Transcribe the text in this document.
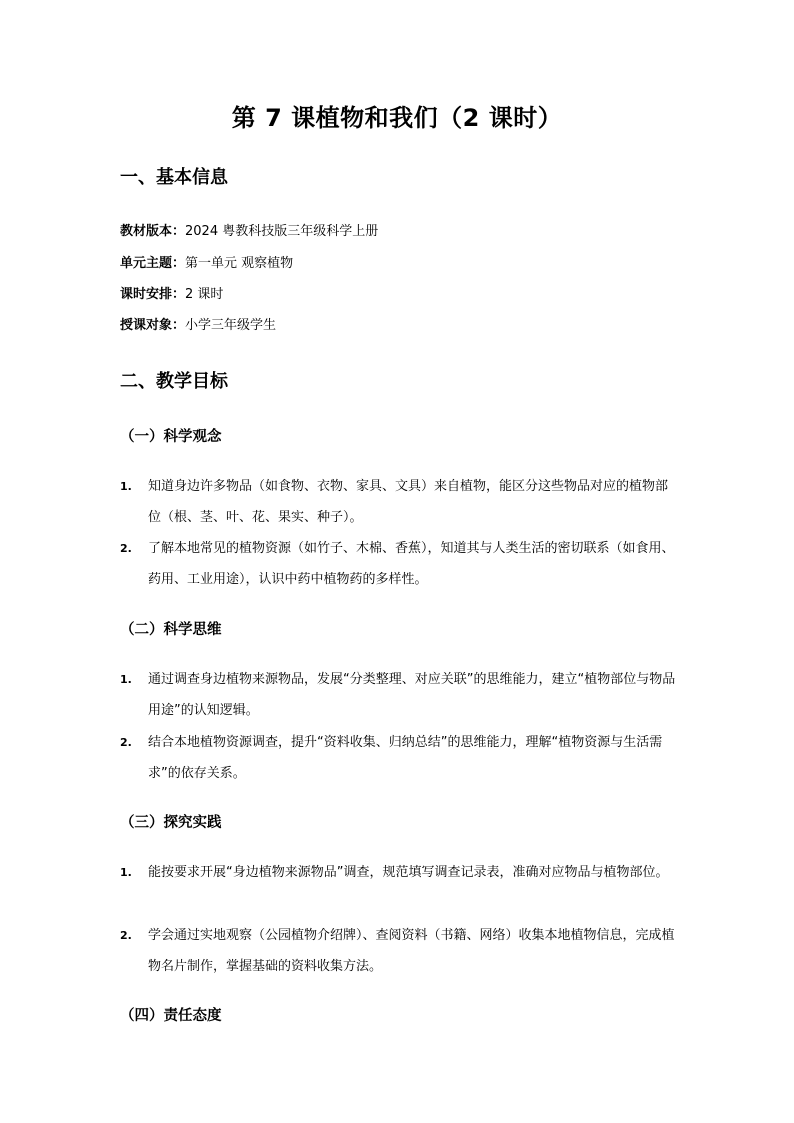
第 7 课植物和我们（2 课时）
一、基本信息
教材版本：2024 粤教科技版三年级科学上册
单元主题：第一单元 观察植物
课时安排：2 课时
授课对象：小学三年级学生
二、教学目标
（一）科学观念
1. 知道身边许多物品（如食物、衣物、家具、文具）来自植物，能区分这些物品对应的植物部位（根、茎、叶、花、果实、种子）。
2. 了解本地常见的植物资源（如竹子、木棉、香蕉），知道其与人类生活的密切联系（如食用、药用、工业用途），认识中药中植物药的多样性。
（二）科学思维
1. 通过调查身边植物来源物品，发展“分类整理、对应关联”的思维能力，建立“植物部位与物品用途”的认知逻辑。
2. 结合本地植物资源调查，提升“资料收集、归纳总结”的思维能力，理解“植物资源与生活需求”的依存关系。
（三）探究实践
1. 能按要求开展“身边植物来源物品”调查，规范填写调查记录表，准确对应物品与植物部位。
2. 学会通过实地观察（公园植物介绍牌）、查阅资料（书籍、网络）收集本地植物信息，完成植物名片制作，掌握基础的资料收集方法。
（四）责任态度
